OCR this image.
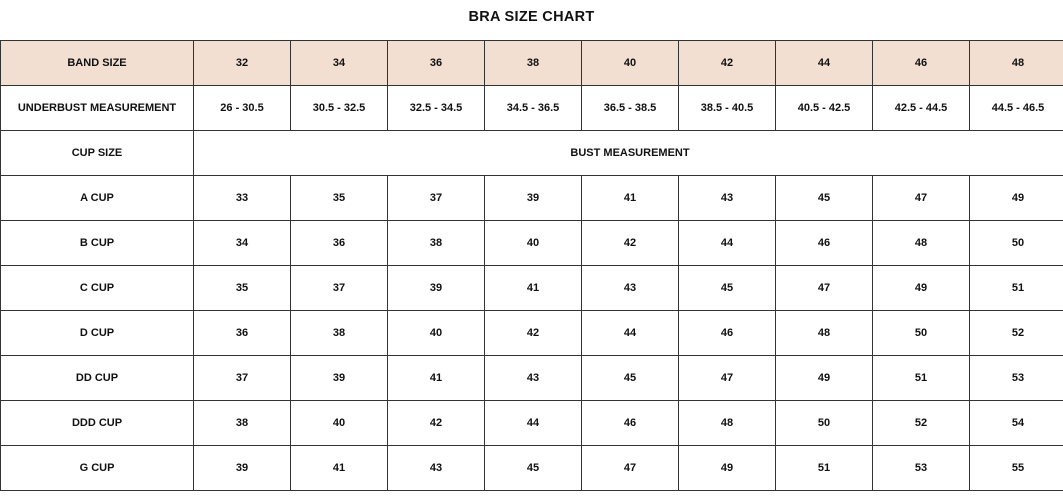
BRA SIZE CHART
BAND SIZE	32	34	36	38	40	42	44	46	48
UNDERBUST MEASUREMENT	26 - 30.5	30.5 - 32.5	32.5 - 34.5	34.5 - 36.5	36.5 - 38.5	38.5 - 40.5	40.5 - 42.5	42.5 - 44.5	44.5 - 46.5
CUP SIZE	BUST MEASUREMENT								
A CUP	33	35	37	39	41	43	45	47	49
B CUP	34	36	38	40	42	44	46	48	50
C CUP	35	37	39	41	43	45	47	49	51
D CUP	36	38	40	42	44	46	48	50	52
DD CUP	37	39	41	43	45	47	49	51	53
DDD CUP	38	40	42	44	46	48	50	52	54
G CUP	39	41	43	45	47	49	51	53	55
